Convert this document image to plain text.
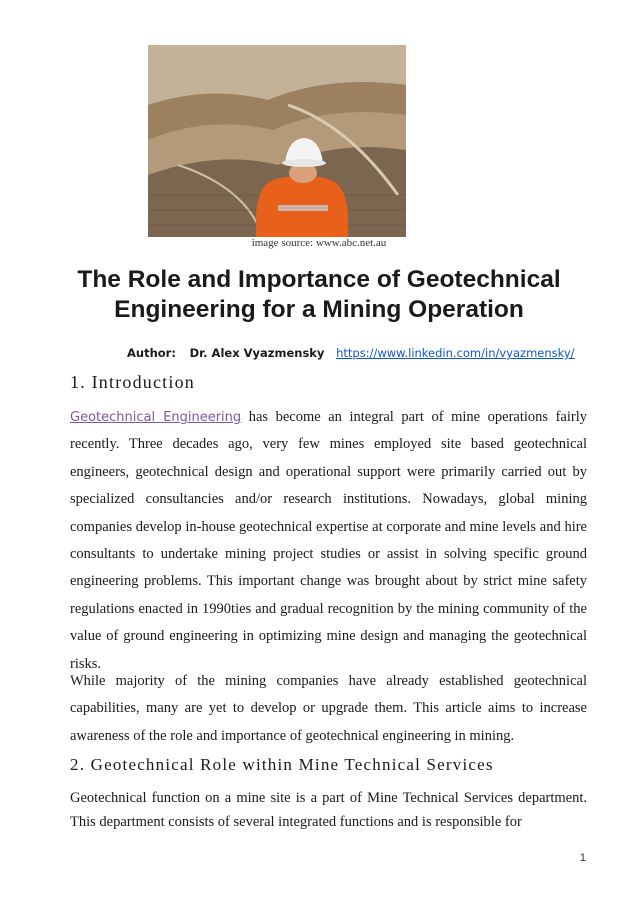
image source: www.abc.net.au
The Role and Importance of Geotechnical Engineering for a Mining Operation
Author: Dr. Alex Vyazmensky https://www.linkedin.com/in/vyazmensky/
1. Introduction

Geotechnical Engineering has become an integral part of mine operations fairly recently. Three decades ago, very few mines employed site based geotechnical engineers, geotechnical design and operational support were primarily carried out by specialized consultancies and/or research institutions. Nowadays, global mining companies develop in-house geotechnical expertise at corporate and mine levels and hire consultants to undertake mining project studies or assist in solving specific ground engineering problems. This important change was brought about by strict mine safety regulations enacted in 1990ties and gradual recognition by the mining community of the value of ground engineering in optimizing mine design and managing the geotechnical risks.

While majority of the mining companies have already established geotechnical capabilities, many are yet to develop or upgrade them. This article aims to increase awareness of the role and importance of geotechnical engineering in mining.

2. Geotechnical Role within Mine Technical Services

Geotechnical function on a mine site is a part of Mine Technical Services department. This department consists of several integrated functions and is responsible for

1
